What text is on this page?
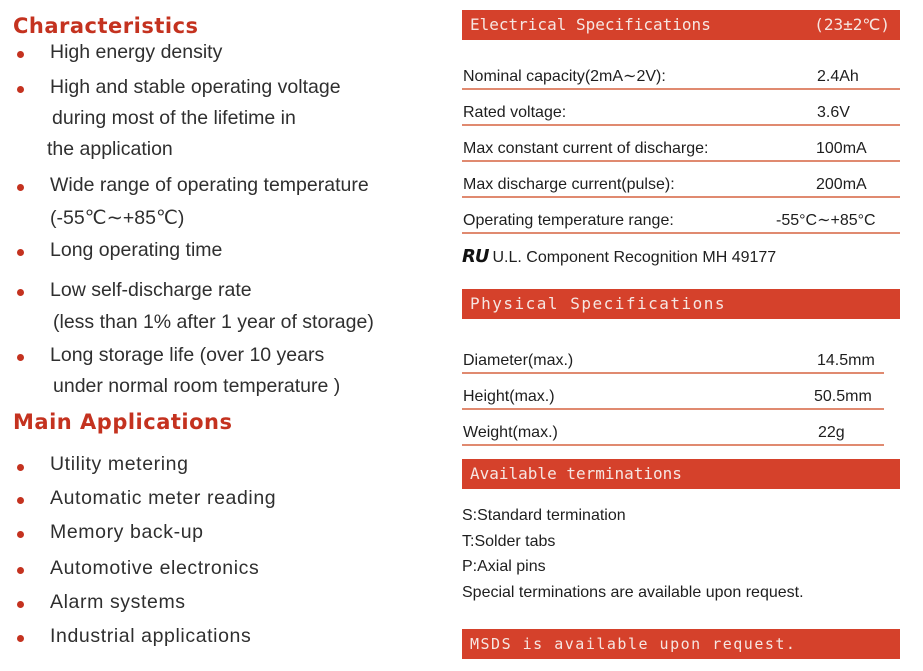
Characteristics
High energy density
High and stable operating voltage
during most of the lifetime in
the application
Wide range of operating temperature
(-55℃∼+85℃)
Long operating time
Low self-discharge rate
(less than 1% after 1 year of storage)
Long storage life (over 10 years
under normal room temperature )
Main Applications
Utility metering
Automatic meter reading
Memory back-up
Automotive electronics
Alarm systems
Industrial applications
Electrical Specifications	(23±2℃)
Nominal capacity(2mA∼2V):	2.4Ah
Rated voltage:	3.6V
Max constant current of discharge:	100mA
Max discharge current(pulse):	200mA
Operating temperature range:	-55°C∼+85°C
RU U.L. Component Recognition MH 49177
Physical Specifications
Diameter(max.)	14.5mm
Height(max.)	50.5mm
Weight(max.)	22g
Available terminations
S:Standard termination
T:Solder tabs
P:Axial pins
Special terminations are available upon request.
MSDS is available upon request.
